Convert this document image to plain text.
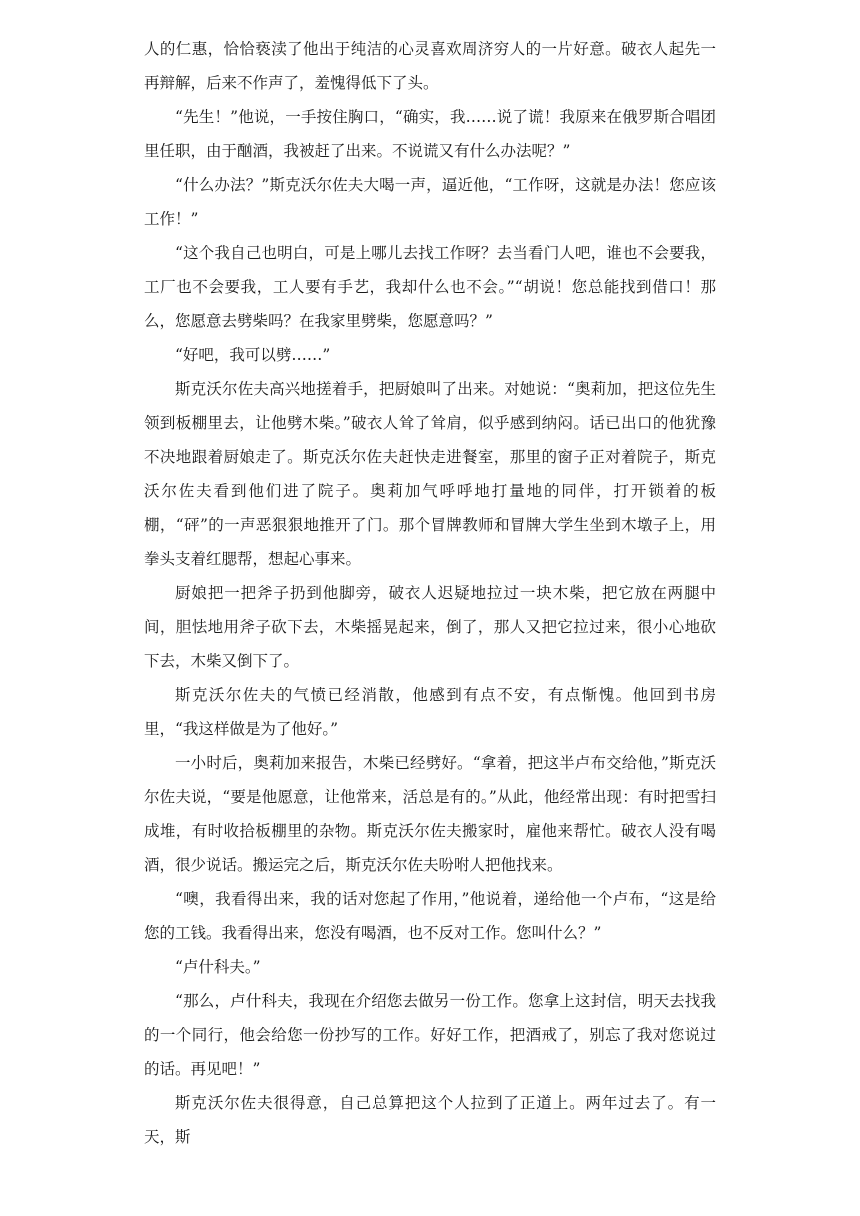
人的仁惠，恰恰亵渎了他出于纯洁的心灵喜欢周济穷人的一片好意。破衣人起先一再辩解，后来不作声了，羞愧得低下了头。

“先生！”他说，一手按住胸口，“确实，我……说了谎！我原来在俄罗斯合唱团里任职，由于酗酒，我被赶了出来。不说谎又有什么办法呢？”

“什么办法？”斯克沃尔佐夫大喝一声，逼近他，“工作呀，这就是办法！您应该工作！”

“这个我自己也明白，可是上哪儿去找工作呀？去当看门人吧，谁也不会要我，工厂也不会要我，工人要有手艺，我却什么也不会。”“胡说！您总能找到借口！那么，您愿意去劈柴吗？在我家里劈柴，您愿意吗？”

“好吧，我可以劈……”

斯克沃尔佐夫高兴地搓着手，把厨娘叫了出来。对她说：“奥莉加，把这位先生领到板棚里去，让他劈木柴。”破衣人耸了耸肩，似乎感到纳闷。话已出口的他犹豫不决地跟着厨娘走了。斯克沃尔佐夫赶快走进餐室，那里的窗子正对着院子，斯克沃尔佐夫看到他们进了院子。奥莉加气呼呼地打量地的同伴，打开锁着的板棚，“砰”的一声恶狠狠地推开了门。那个冒牌教师和冒牌大学生坐到木墩子上，用拳头支着红腮帮，想起心事来。

厨娘把一把斧子扔到他脚旁，破衣人迟疑地拉过一块木柴，把它放在两腿中间，胆怯地用斧子砍下去，木柴摇晃起来，倒了，那人又把它拉过来，很小心地砍下去，木柴又倒下了。

斯克沃尔佐夫的气愤已经消散，他感到有点不安，有点惭愧。他回到书房里，“我这样做是为了他好。”

一小时后，奥莉加来报告，木柴已经劈好。“拿着，把这半卢布交给他，”斯克沃尔佐夫说，“要是他愿意，让他常来，活总是有的。”从此，他经常出现：有时把雪扫成堆，有时收拾板棚里的杂物。斯克沃尔佐夫搬家时，雇他来帮忙。破衣人没有喝酒，很少说话。搬运完之后，斯克沃尔佐夫吩咐人把他找来。

“噢，我看得出来，我的话对您起了作用，”他说着，递给他一个卢布，“这是给您的工钱。我看得出来，您没有喝酒，也不反对工作。您叫什么？”

“卢什科夫。”

“那么，卢什科夫，我现在介绍您去做另一份工作。您拿上这封信，明天去找我的一个同行，他会给您一份抄写的工作。好好工作，把酒戒了，别忘了我对您说过的话。再见吧！”

斯克沃尔佐夫很得意，自己总算把这个人拉到了正道上。两年过去了。有一天，斯
